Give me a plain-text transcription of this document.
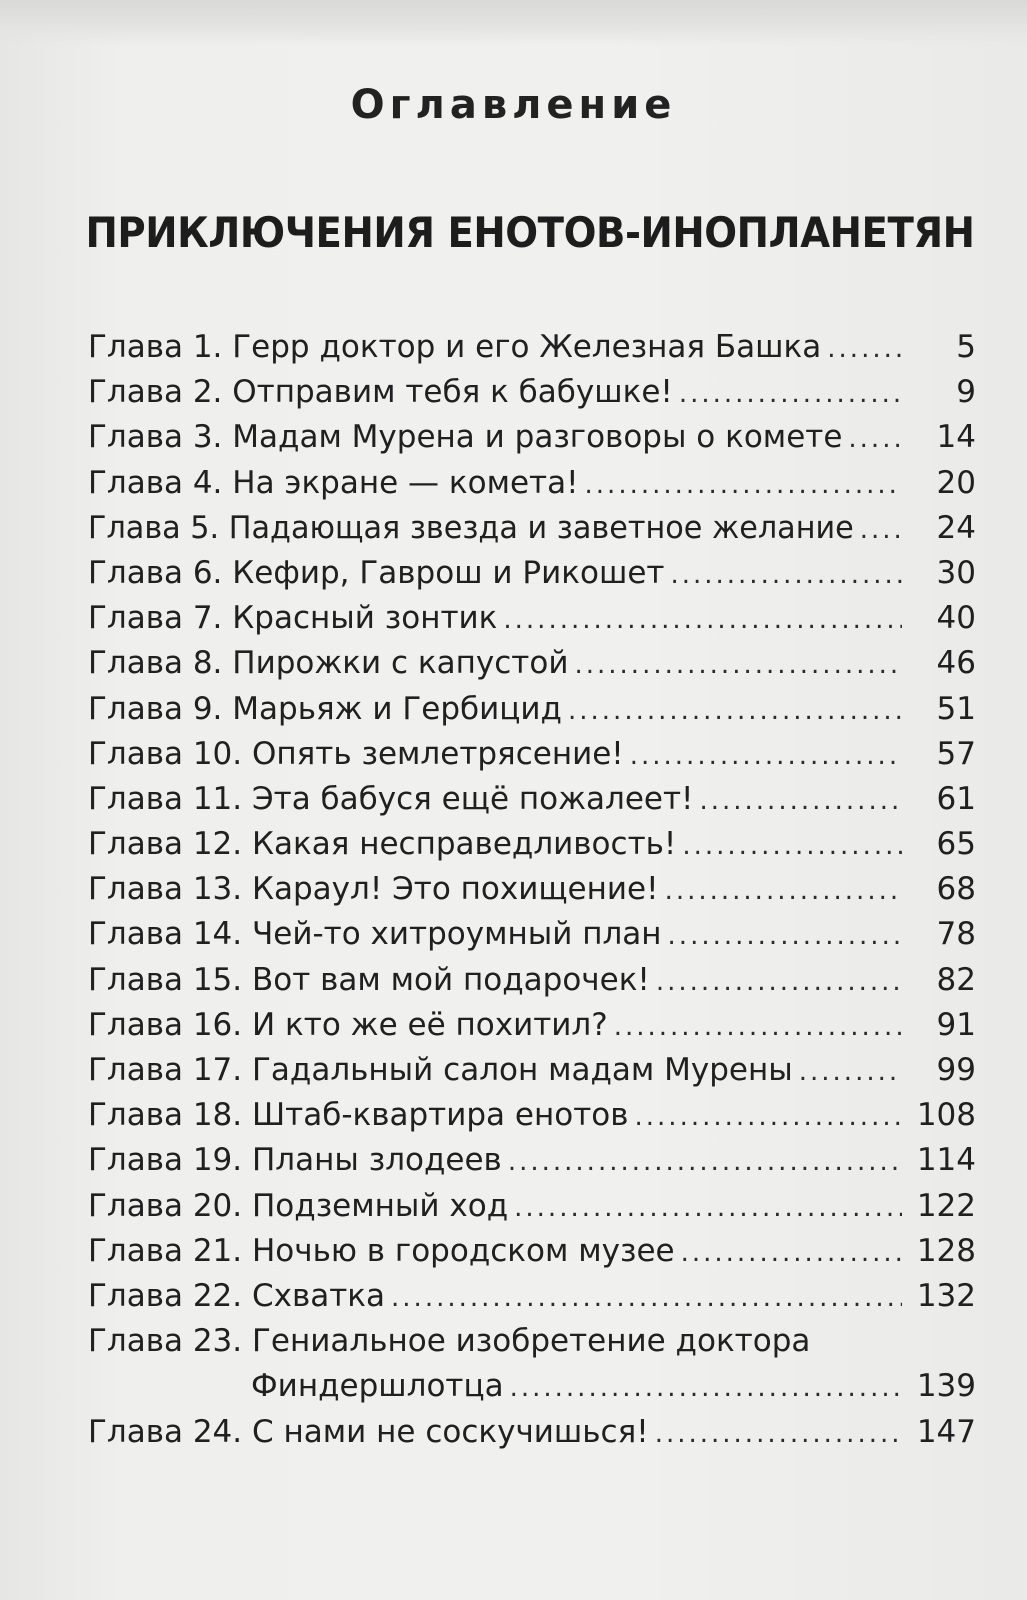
Оглавление
ПРИКЛЮЧЕНИЯ ЕНОТОВ-ИНОПЛАНЕТЯН
Глава 1. Герр доктор и его Железная Башка .....	5
Глава 2. Отправим тебя к бабушке! .....	9
Глава 3. Мадам Мурена и разговоры о комете .....	14
Глава 4. На экране — комета! .....	20
Глава 5. Падающая звезда и заветное желание .....	24
Глава 6. Кефир, Гаврош и Рикошет .....	30
Глава 7. Красный зонтик .....	40
Глава 8. Пирожки с капустой .....	46
Глава 9. Марьяж и Гербицид .....	51
Глава 10. Опять землетрясение! .....	57
Глава 11. Эта бабуся ещё пожалеет! .....	61
Глава 12. Какая несправедливость! .....	65
Глава 13. Караул! Это похищение! .....	68
Глава 14. Чей-то хитроумный план .....	78
Глава 15. Вот вам мой подарочек! .....	82
Глава 16. И кто же её похитил? .....	91
Глава 17. Гадальный салон мадам Мурены .....	99
Глава 18. Штаб-квартира енотов .....	108
Глава 19. Планы злодеев .....	114
Глава 20. Подземный ход .....	122
Глава 21. Ночью в городском музее .....	128
Глава 22. Схватка .....	132
Глава 23. Гениальное изобретение доктора
Финдершлотца .....	139
Глава 24. С нами не соскучишься! .....	147
